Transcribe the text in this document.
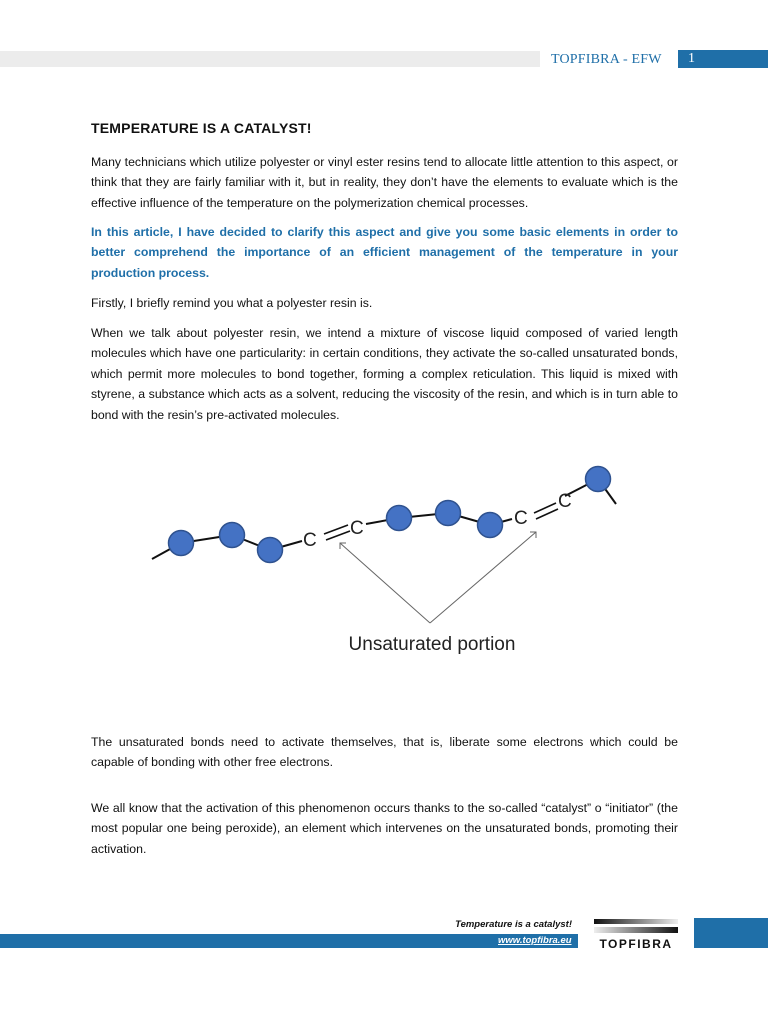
TOPFIBRA - EFW	1
TEMPERATURE IS A CATALYST!

Many technicians which utilize polyester or vinyl ester resins tend to allocate little attention to this aspect, or think that they are fairly familiar with it, but in reality, they don’t have the elements to evaluate which is the effective influence of the temperature on the polymerization chemical processes.

In this article, I have decided to clarify this aspect and give you some basic elements in order to better comprehend the importance of an efficient management of the temperature in your production process.

Firstly, I briefly remind you what a polyester resin is.

When we talk about polyester resin, we intend a mixture of viscose liquid composed of varied length molecules which have one particularity: in certain conditions, they activate the so-called unsaturated bonds, which permit more molecules to bond together, forming a complex reticulation. This liquid is mixed with styrene, a substance which acts as a solvent, reducing the viscosity of the resin, and which is in turn able to bond with the resin’s pre-activated molecules.

C
C	C
C
Unsaturated portion

The unsaturated bonds need to activate themselves, that is, liberate some electrons which could be capable of bonding with other free electrons.

We all know that the activation of this phenomenon occurs thanks to the so-called “catalyst” o “initiator” (the most popular one being peroxide), an element which intervenes on the unsaturated bonds, promoting their activation.

Temperature is a catalyst!
www.topfibra.eu TOPFIBRA
